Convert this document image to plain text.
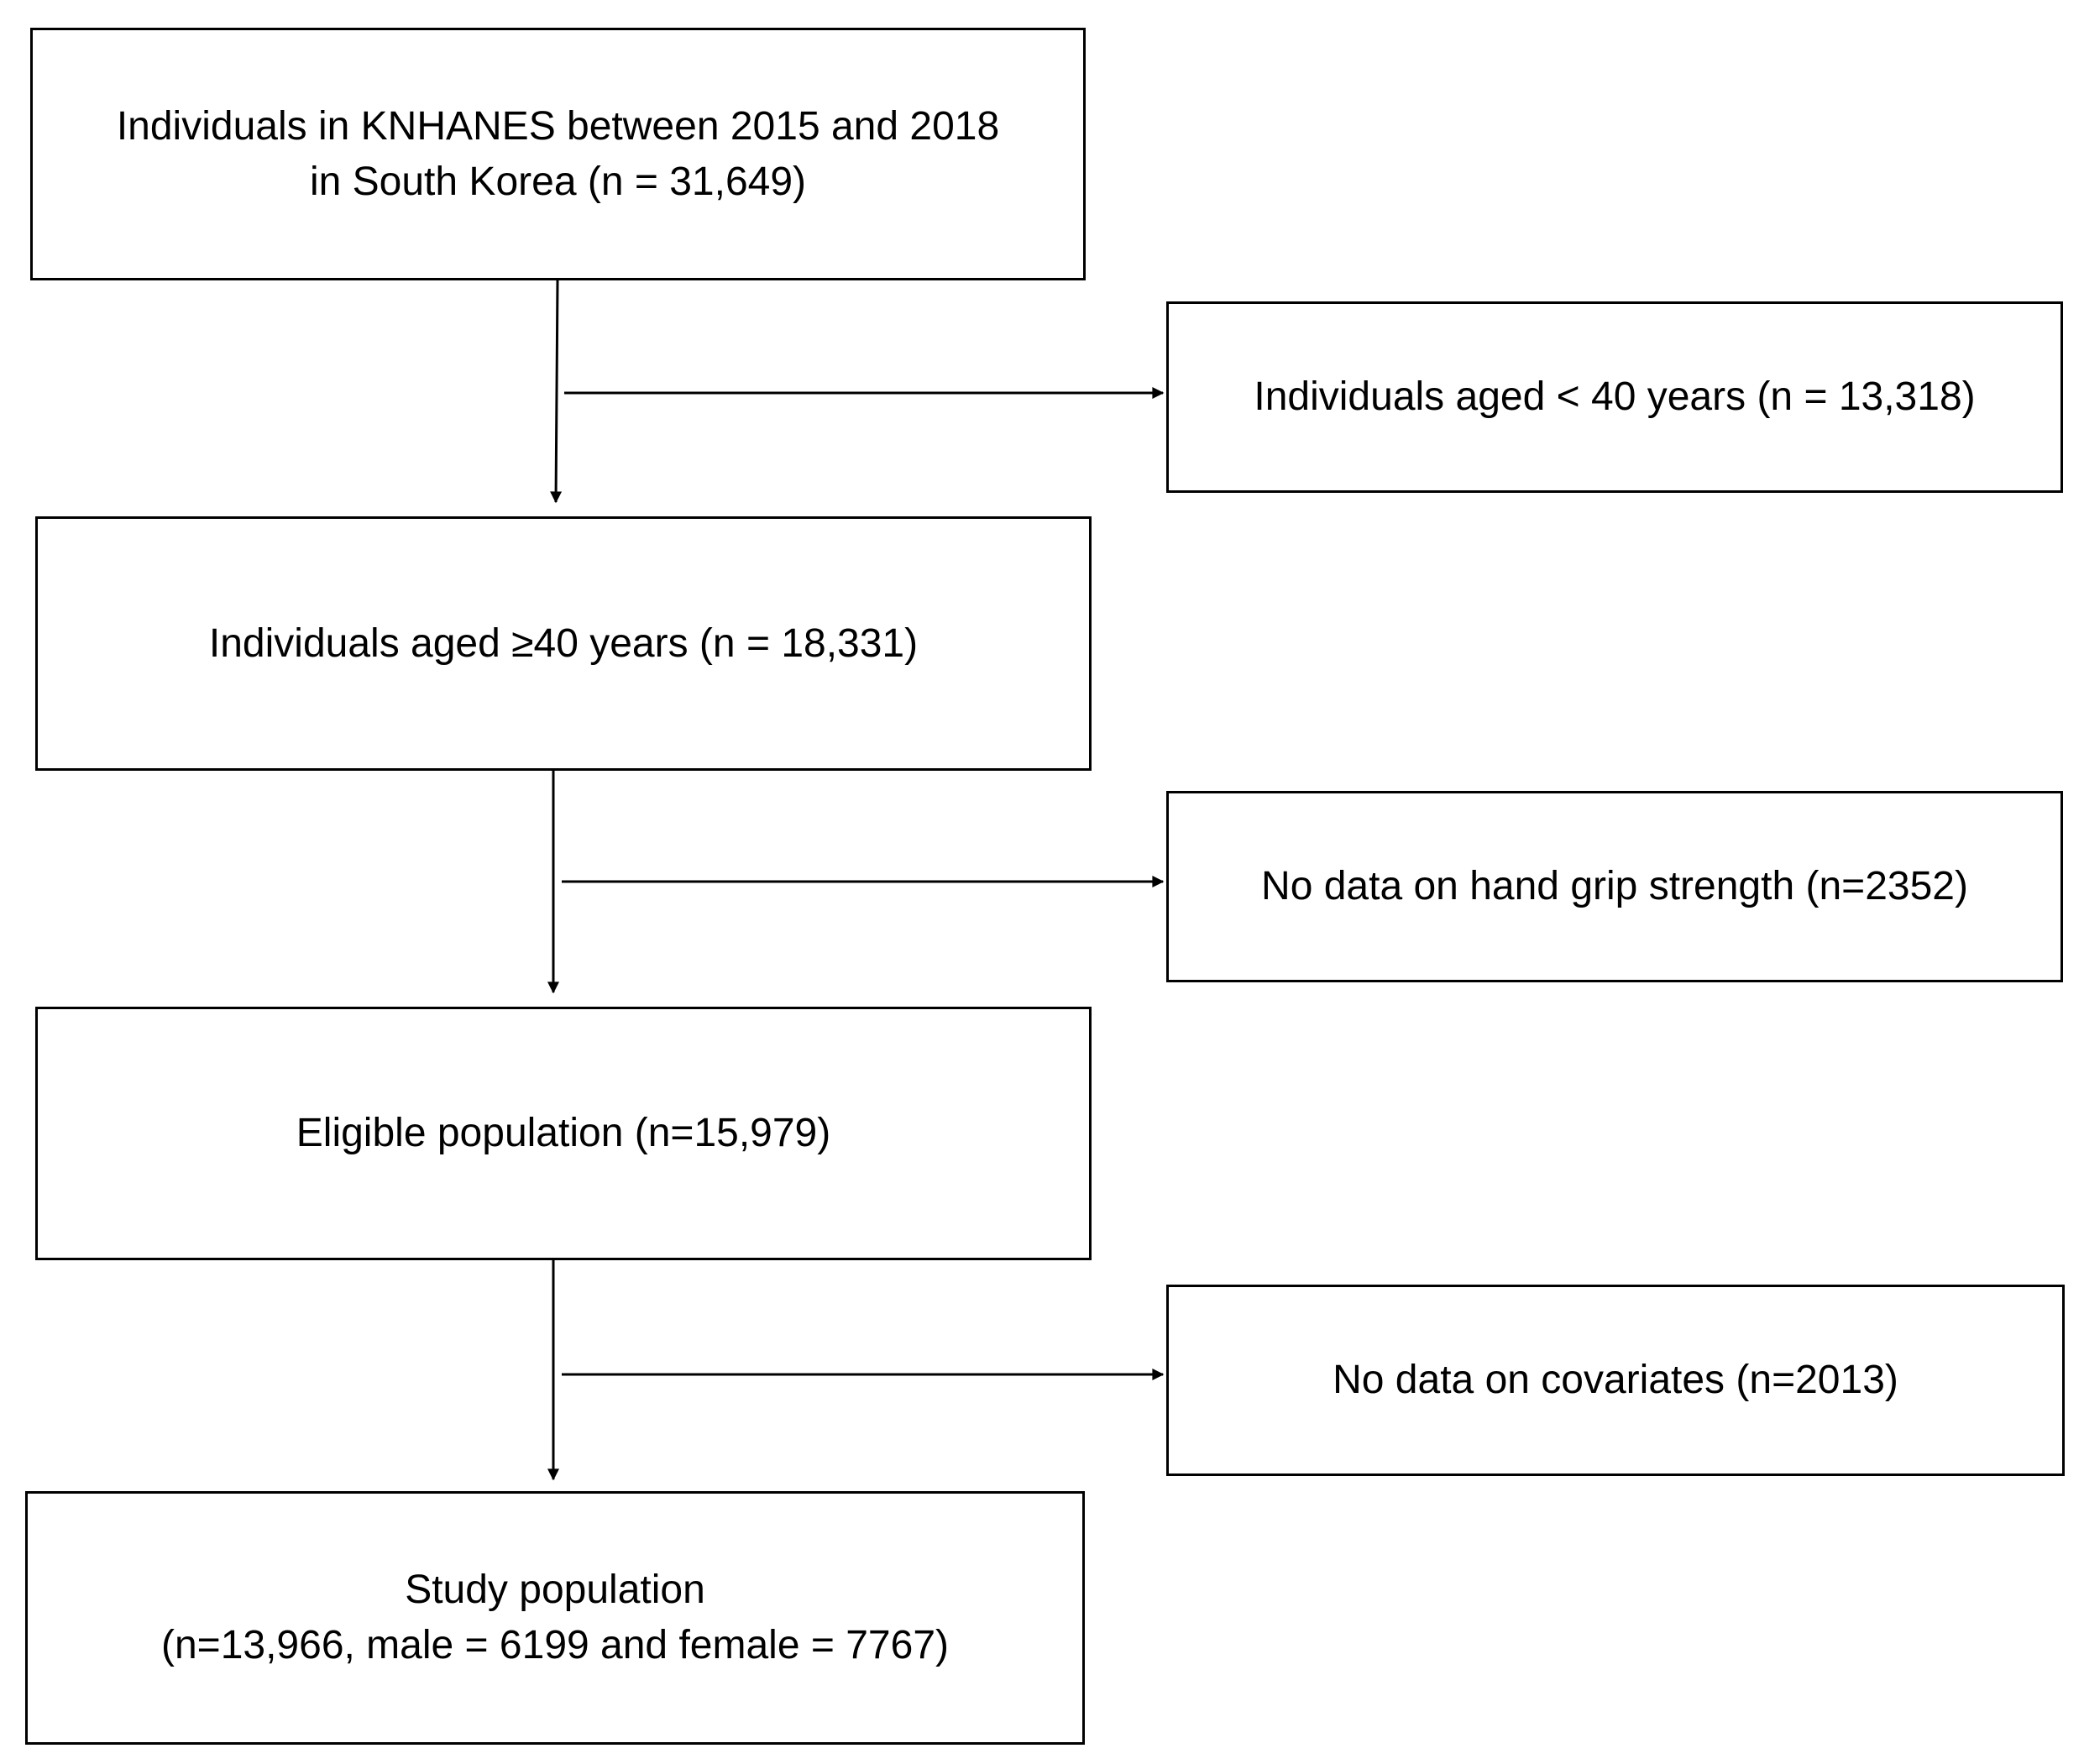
Individuals in KNHANES between 2015 and 2018
in South Korea (n = 31,649)
Individuals aged ≥40 years (n = 18,331)
Eligible population (n=15,979)
Study population
(n=13,966, male = 6199 and female = 7767)
Individuals aged < 40 years (n = 13,318)
No data on hand grip strength (n=2352)
No data on covariates (n=2013)
